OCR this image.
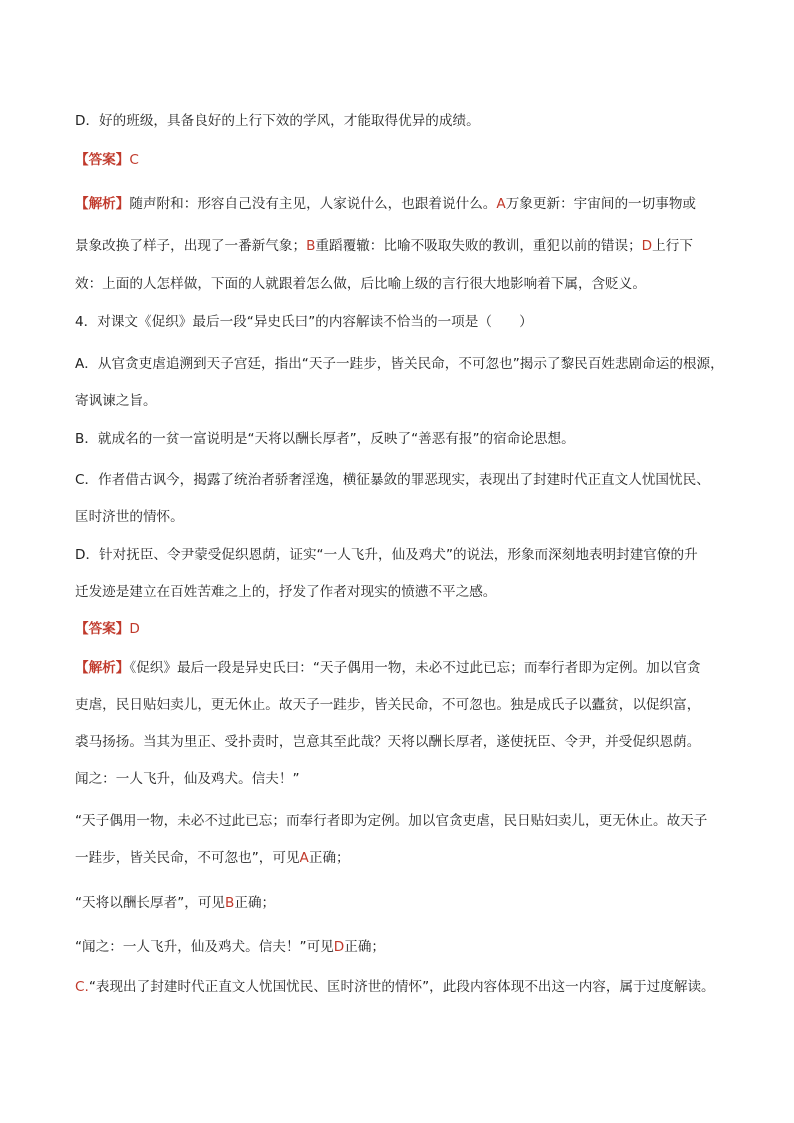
D．好的班级，具备良好的上行下效的学风，才能取得优异的成绩。
【答案】C
【解析】随声附和：形容自己没有主见，人家说什么，也跟着说什么。A万象更新：宇宙间的一切事物或
景象改换了样子，出现了一番新气象；B重蹈覆辙：比喻不吸取失败的教训，重犯以前的错误；D上行下
效：上面的人怎样做，下面的人就跟着怎么做，后比喻上级的言行很大地影响着下属，含贬义。
4．对课文《促织》最后一段“异史氏曰”的内容解读不恰当的一项是（　　）
A．从官贪吏虐追溯到天子宫廷，指出“天子一跬步，皆关民命，不可忽也”揭示了黎民百姓悲剧命运的根源，
寄讽谏之旨。
B．就成名的一贫一富说明是“天将以酬长厚者”，反映了“善恶有报”的宿命论思想。
C．作者借古讽今，揭露了统治者骄奢淫逸，横征暴敛的罪恶现实，表现出了封建时代正直文人忧国忧民、
匡时济世的情怀。
D．针对抚臣、令尹蒙受促织恩荫，证实“一人飞升，仙及鸡犬”的说法，形象而深刻地表明封建官僚的升
迁发迹是建立在百姓苦难之上的，抒发了作者对现实的愤懑不平之感。
【答案】D
【解析】《促织》最后一段是异史氏曰：“天子偶用一物，未必不过此已忘；而奉行者即为定例。加以官贪
吏虐，民日贴妇卖儿，更无休止。故天子一跬步，皆关民命，不可忽也。独是成氏子以蠹贫，以促织富，
裘马扬扬。当其为里正、受扑责时，岂意其至此哉？天将以酬长厚者，遂使抚臣、令尹，并受促织恩荫。
闻之：一人飞升，仙及鸡犬。信夫！”
“天子偶用一物，未必不过此已忘；而奉行者即为定例。加以官贪吏虐，民日贴妇卖儿，更无休止。故天子
一跬步，皆关民命，不可忽也”，可见A正确；
“天将以酬长厚者”，可见B正确；
“闻之：一人飞升，仙及鸡犬。信夫！”可见D正确；
C.“表现出了封建时代正直文人忧国忧民、匡时济世的情怀”，此段内容体现不出这一内容，属于过度解读。
